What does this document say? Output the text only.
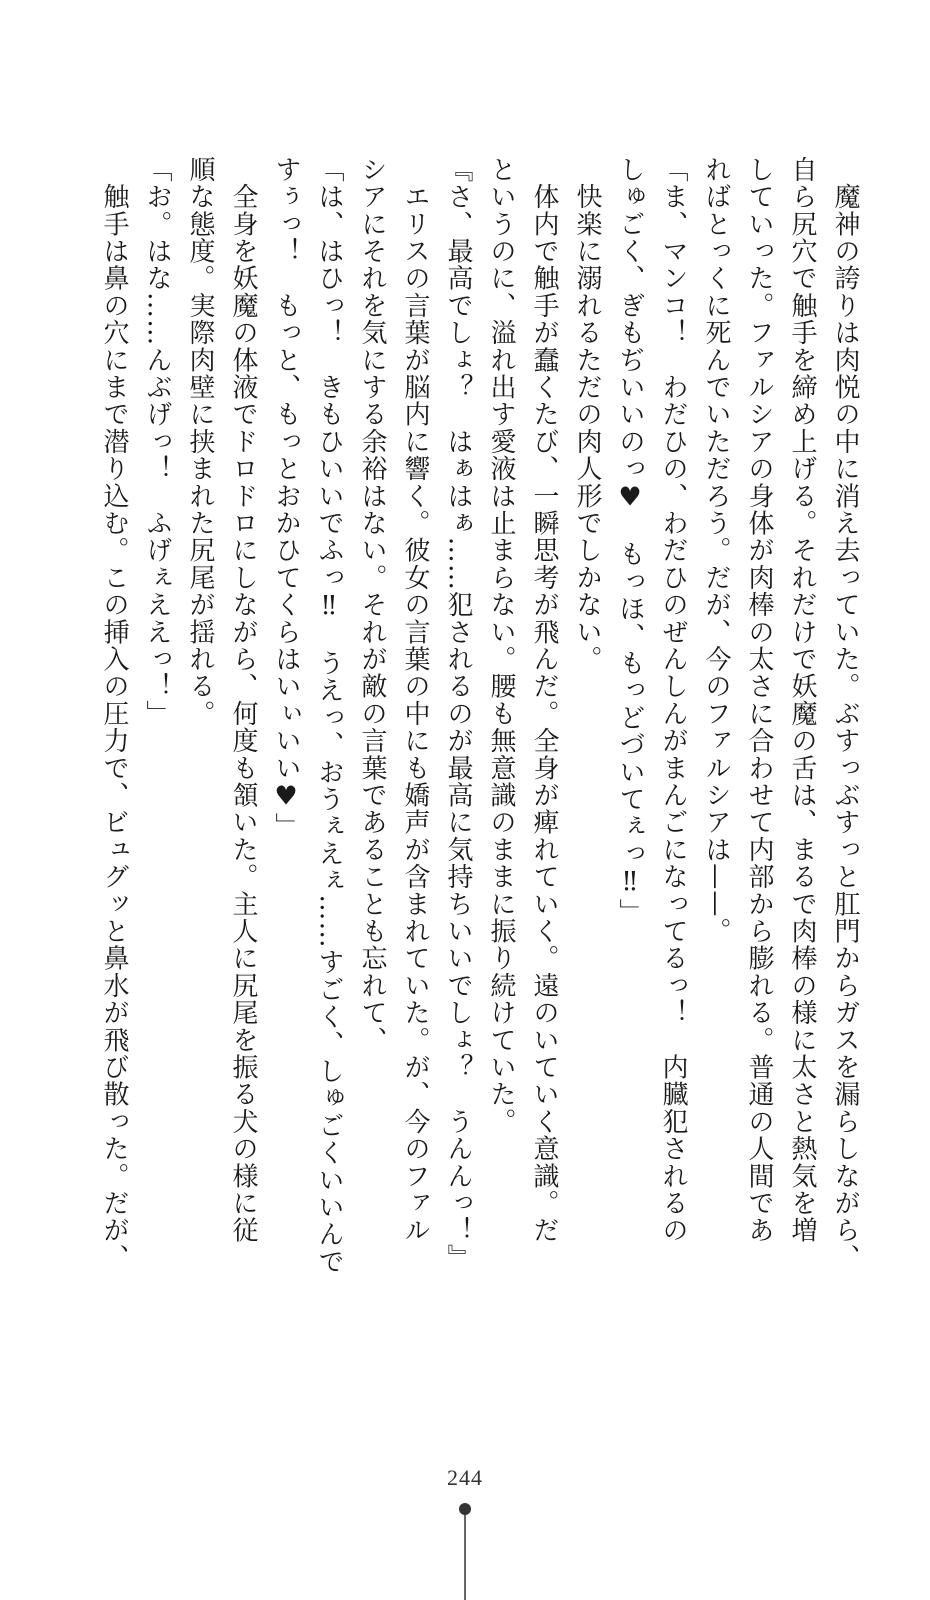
　魔神の誇りは肉悦の中に消え去っていた。ぶすっぶすっと肛門からガスを漏らしながら、
自ら尻穴で触手を締め上げる。それだけで妖魔の舌は、まるで肉棒の様に太さと熱気を増
していった。ファルシアの身体が肉棒の太さに合わせて内部から膨れる。普通の人間であ
ればとっくに死んでいただろう。だが、今のファルシアは——。
「ま、マンコ！　わだひの、わだひのぜんしんがまんごになってるっ！　内臓犯されるの
しゅごく、ぎもぢいいのっ♥　もっほ、もっどづいてぇっ‼」
　快楽に溺れるただの肉人形でしかない。
　体内で触手が蠢くたび、一瞬思考が飛んだ。全身が痺れていく。遠のいていく意識。だ
というのに、溢れ出す愛液は止まらない。腰も無意識のままに振り続けていた。
『さ、最高でしょ？　はぁはぁ……犯されるのが最高に気持ちいいでしょ？　うんんっ！』
　エリスの言葉が脳内に響く。彼女の言葉の中にも嬌声が含まれていた。が、今のファル
シアにそれを気にする余裕はない。それが敵の言葉であることも忘れて、
「は、はひっ！　きもひいいでふっ‼　うえっ、おうぇえぇ……すごく、しゅごくいいんで
すぅっ！　もっと、もっとおかひてくらはいぃいい♥」
　全身を妖魔の体液でドロドロにしながら、何度も頷いた。主人に尻尾を振る犬の様に従
順な態度。実際肉壁に挟まれた尻尾が揺れる。
「お。はな……んぶげっ！　ふげぇええっ！」
　触手は鼻の穴にまで潜り込む。この挿入の圧力で、ビュグッと鼻水が飛び散った。だが、
244
